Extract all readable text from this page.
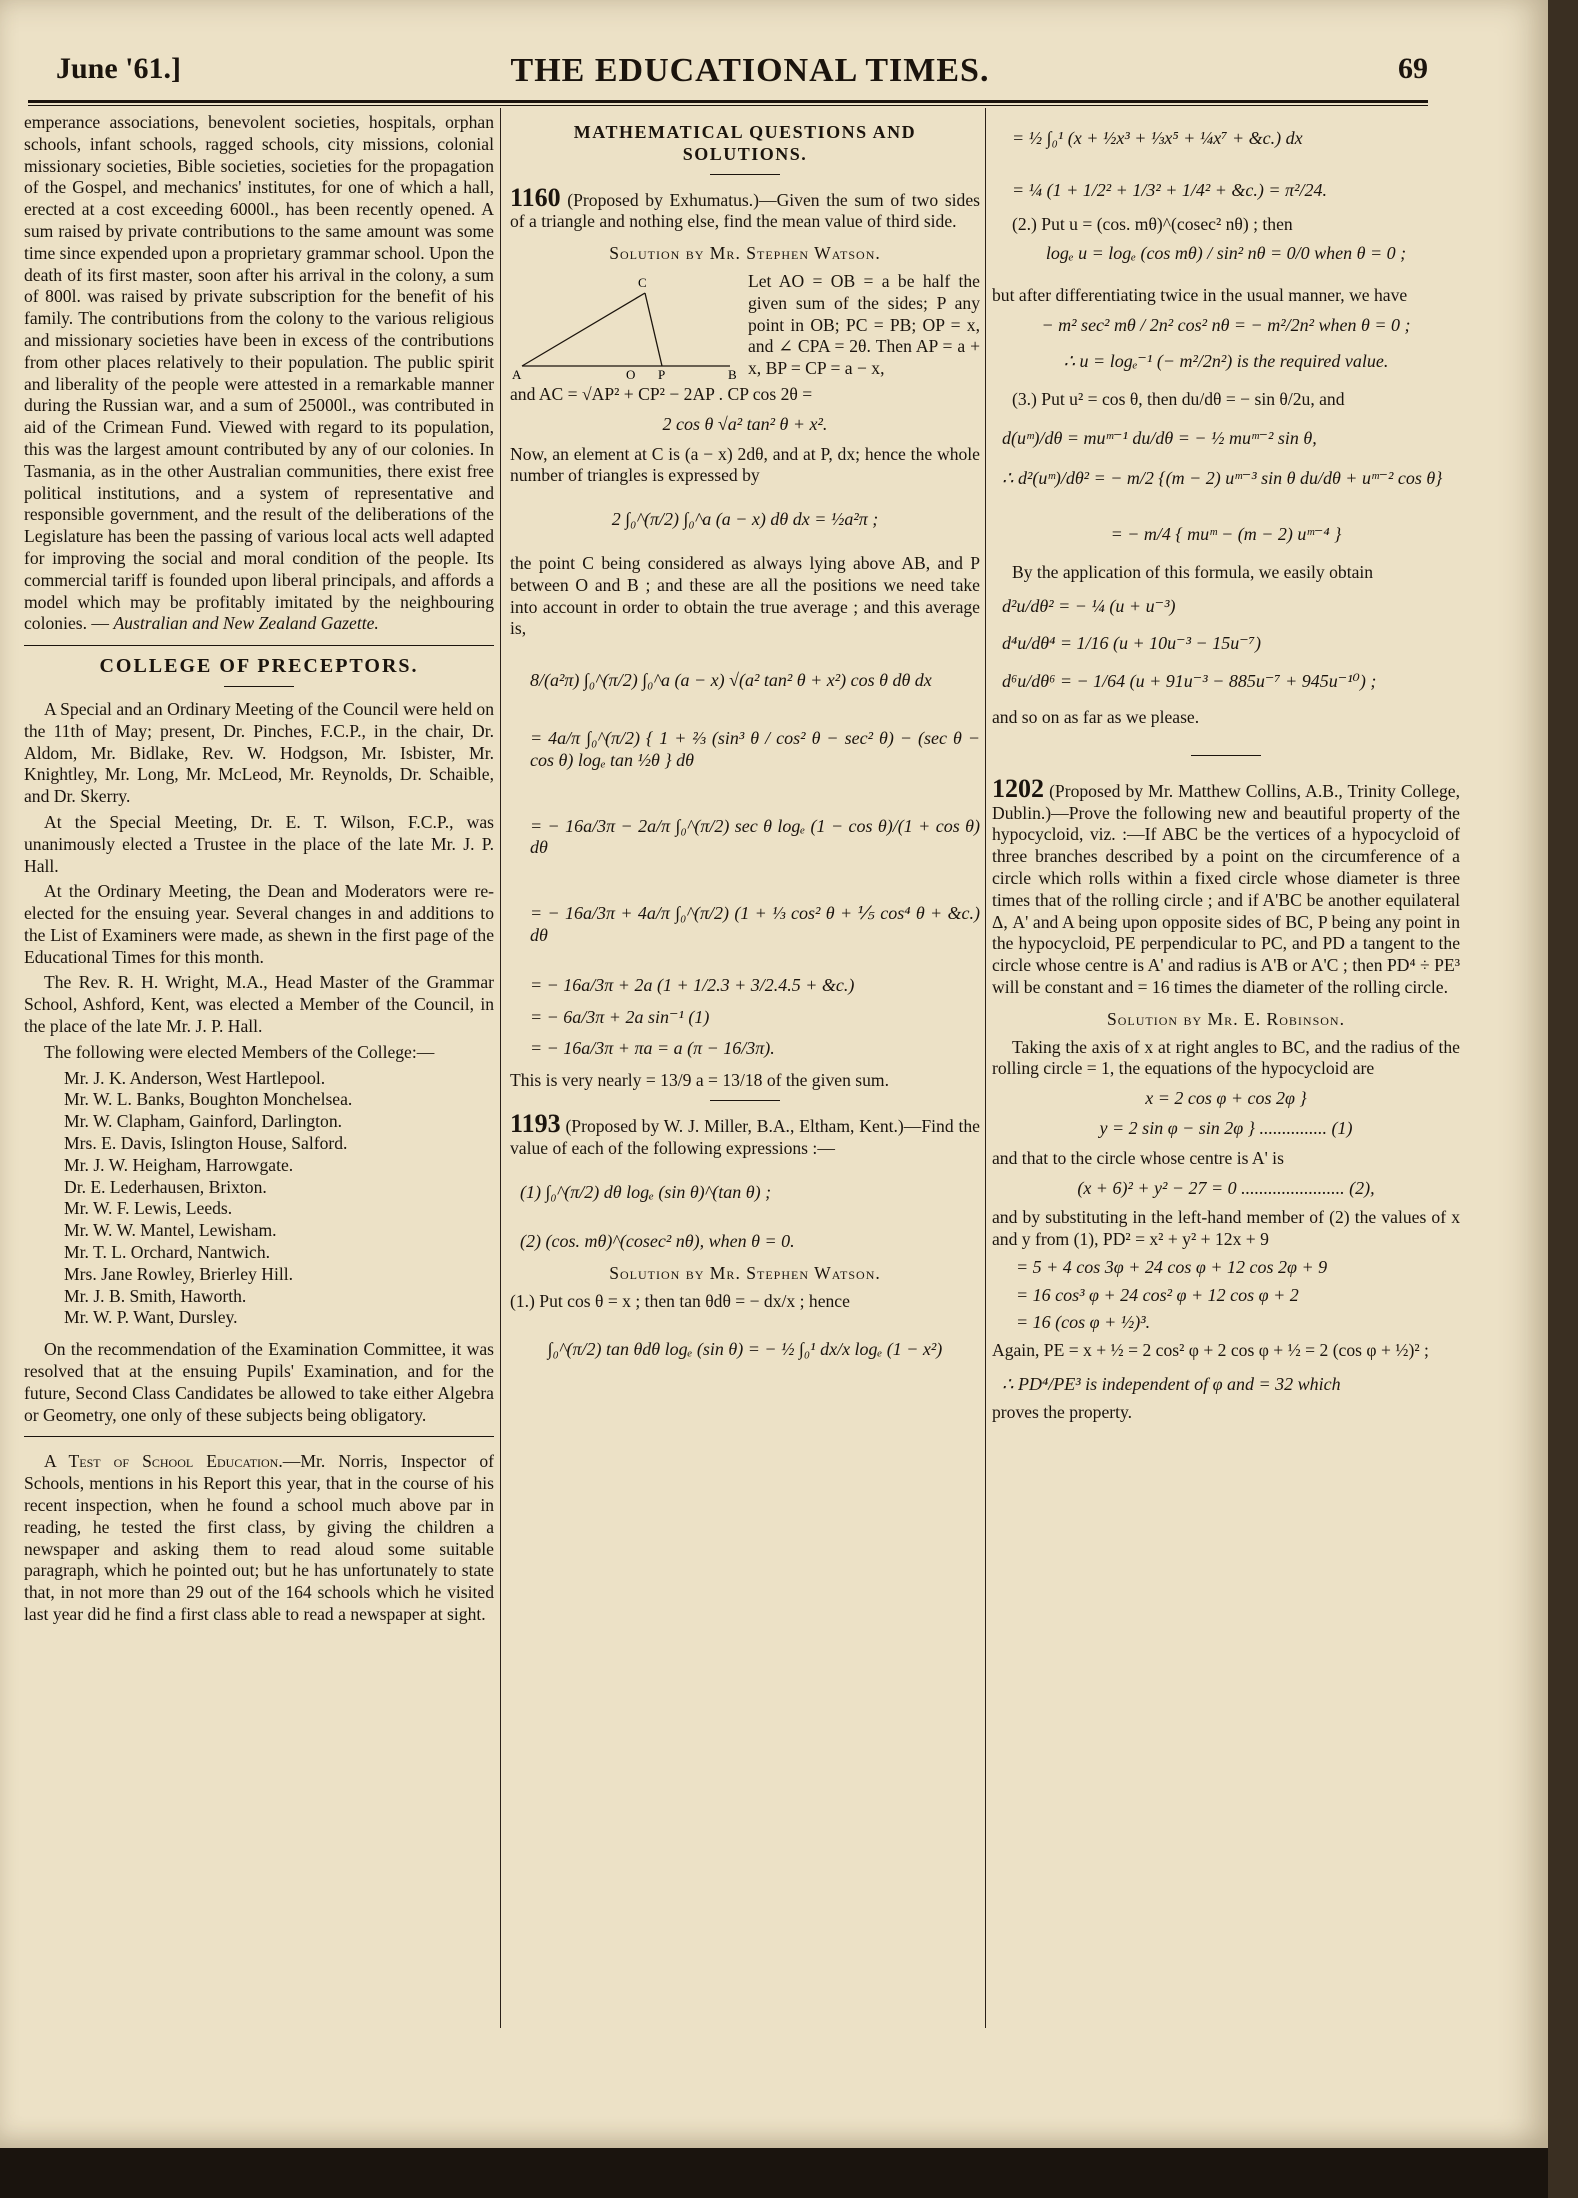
June '61.]	THE EDUCATIONAL TIMES.	69

emperance associations, benevolent societies, hospitals, orphan schools, infant schools, ragged schools, city missions, colonial missionary societies, Bible societies, societies for the propagation of the Gospel, and mechanics' institutes, for one of which a hall, erected at a cost exceeding 6000l., has been recently opened. A sum raised by private contributions to the same amount was some time since expended upon a proprietary grammar school. Upon the death of its first master, soon after his arrival in the colony, a sum of 800l. was raised by private subscription for the benefit of his family. The contributions from the colony to the various religious and missionary societies have been in excess of the contributions from other places relatively to their population. The public spirit and liberality of the people were attested in a remarkable manner during the Russian war, and a sum of 25000l., was contributed in aid of the Crimean Fund. Viewed with regard to its population, this was the largest amount contributed by any of our colonies. In Tasmania, as in the other Australian communities, there exist free political institutions, and a system of representative and responsible government, and the result of the deliberations of the Legislature has been the passing of various local acts well adapted for improving the social and moral condition of the people. Its commercial tariff is founded upon liberal principals, and affords a model which may be profitably imitated by the neighbouring colonies. — Australian and New Zealand Gazette.

COLLEGE OF PRECEPTORS.

A Special and an Ordinary Meeting of the Council were held on the 11th of May; present, Dr. Pinches, F.C.P., in the chair, Dr. Aldom, Mr. Bidlake, Rev. W. Hodgson, Mr. Isbister, Mr. Knightley, Mr. Long, Mr. McLeod, Mr. Reynolds, Dr. Schaible, and Dr. Skerry.

At the Special Meeting, Dr. E. T. Wilson, F.C.P., was unanimously elected a Trustee in the place of the late Mr. J. P. Hall.

At the Ordinary Meeting, the Dean and Moderators were re-elected for the ensuing year. Several changes in and additions to the List of Examiners were made, as shewn in the first page of the Educational Times for this month.

The Rev. R. H. Wright, M.A., Head Master of the Grammar School, Ashford, Kent, was elected a Member of the Council, in the place of the late Mr. J. P. Hall.

The following were elected Members of the College:—

Mr. J. K. Anderson, West Hartlepool.
Mr. W. L. Banks, Boughton Monchelsea.
Mr. W. Clapham, Gainford, Darlington.
Mrs. E. Davis, Islington House, Salford.
Mr. J. W. Heigham, Harrowgate.
Dr. E. Lederhausen, Brixton.
Mr. W. F. Lewis, Leeds.
Mr. W. W. Mantel, Lewisham.
Mr. T. L. Orchard, Nantwich.
Mrs. Jane Rowley, Brierley Hill.
Mr. J. B. Smith, Haworth.
Mr. W. P. Want, Dursley.

On the recommendation of the Examination Committee, it was resolved that at the ensuing Pupils' Examination, and for the future, Second Class Candidates be allowed to take either Algebra or Geometry, one only of these subjects being obligatory.

A Test of School Education.—Mr. Norris, Inspector of Schools, mentions in his Report this year, that in the course of his recent inspection, when he found a school much above par in reading, he tested the first class, by giving the children a newspaper and asking them to read aloud some suitable paragraph, which he pointed out; but he has unfortunately to state that, in not more than 29 out of the 164 schools which he visited last year did he find a first class able to read a newspaper at sight.

MATHEMATICAL QUESTIONS AND SOLUTIONS.

1160 (Proposed by Exhumatus.)—Given the sum of two sides of a triangle and nothing else, find the mean value of third side.

Solution by Mr. Stephen Watson.
C
A	O P	B

Let AO = OB = a be half the given sum of the sides; P any point in OB; PC = PB; OP = x, and ∠ CPA = 2θ. Then AP = a + x, BP = CP = a − x,

and AC = √AP² + CP² − 2AP . CP cos 2θ =

2 cos θ √a² tan² θ + x².

Now, an element at C is (a − x) 2dθ, and at P, dx; hence the whole number of triangles is expressed by

2 ∫₀^(π/2) ∫₀^a (a − x) dθ dx = ½a²π ;

the point C being considered as always lying above AB, and P between O and B ; and these are all the positions we need take into account in order to obtain the true average ; and this average is,

8/(a²π) ∫₀^(π/2) ∫₀^a (a − x) √(a² tan² θ + x²) cos θ dθ dx
= 4a/π ∫₀^(π/2) { 1 + ⅔ (sin³ θ / cos² θ − sec² θ) − (sec θ − cos θ) logₑ tan ½θ } dθ
= − 16a/3π − 2a/π ∫₀^(π/2) sec θ logₑ (1 − cos θ)/(1 + cos θ) dθ
= − 16a/3π + 4a/π ∫₀^(π/2) (1 + ⅓ cos² θ + ⅕ cos⁴ θ + &c.) dθ
= − 16a/3π + 2a (1 + 1/2.3 + 3/2.4.5 + &c.)
= − 6a/3π + 2a sin⁻¹ (1)
= − 16a/3π + πa = a (π − 16/3π).

This is very nearly = 13/9 a = 13/18 of the given sum.

1193 (Proposed by W. J. Miller, B.A., Eltham, Kent.)—Find the value of each of the following expressions :—

(1) ∫₀^(π/2) dθ logₑ (sin θ)^(tan θ) ;
(2) (cos. mθ)^(cosec² nθ), when θ = 0.
Solution by Mr. Stephen Watson.

(1.) Put cos θ = x ; then tan θdθ = − dx/x ; hence

∫₀^(π/2) tan θdθ logₑ (sin θ) = − ½ ∫₀¹ dx/x logₑ (1 − x²)
= ½ ∫₀¹ (x + ½x³ + ⅓x⁵ + ¼x⁷ + &c.) dx
= ¼ (1 + 1/2² + 1/3² + 1/4² + &c.) = π²/24.

(2.) Put u = (cos. mθ)^(cosec² nθ) ; then

logₑ u = logₑ (cos mθ) / sin² nθ = 0/0 when θ = 0 ;

but after differentiating twice in the usual manner, we have

− m² sec² mθ / 2n² cos² nθ = − m²/2n² when θ = 0 ;
∴ u = logₑ⁻¹ (− m²/2n²) is the required value.

(3.) Put u² = cos θ, then du/dθ = − sin θ/2u, and

d(uᵐ)/dθ = muᵐ⁻¹ du/dθ = − ½ muᵐ⁻² sin θ,
∴ d²(uᵐ)/dθ² = − m/2 {(m − 2) uᵐ⁻³ sin θ du/dθ + uᵐ⁻² cos θ}
= − m/4 { muᵐ − (m − 2) uᵐ⁻⁴ }

By the application of this formula, we easily obtain

d²u/dθ² = − ¼ (u + u⁻³)
d⁴u/dθ⁴ = 1/16 (u + 10u⁻³ − 15u⁻⁷)
d⁶u/dθ⁶ = − 1/64 (u + 91u⁻³ − 885u⁻⁷ + 945u⁻¹⁰) ;

and so on as far as we please.

1202 (Proposed by Mr. Matthew Collins, A.B., Trinity College, Dublin.)—Prove the following new and beautiful property of the hypocycloid, viz. :—If ABC be the vertices of a hypocycloid of three branches described by a point on the circumference of a circle which rolls within a fixed circle whose diameter is three times that of the rolling circle ; and if A'BC be another equilateral Δ, A' and A being upon opposite sides of BC, P being any point in the hypocycloid, PE perpendicular to PC, and PD a tangent to the circle whose centre is A' and radius is A'B or A'C ; then PD⁴ ÷ PE³ will be constant and = 16 times the diameter of the rolling circle.

Solution by Mr. E. Robinson.

Taking the axis of x at right angles to BC, and the radius of the rolling circle = 1, the equations of the hypocycloid are

x = 2 cos φ + cos 2φ }
y = 2 sin φ − sin 2φ } ............... (1)

and that to the circle whose centre is A' is

(x + 6)² + y² − 27 = 0 ....................... (2),

and by substituting in the left-hand member of (2) the values of x and y from (1), PD² = x² + y² + 12x + 9

= 5 + 4 cos 3φ + 24 cos φ + 12 cos 2φ + 9
= 16 cos³ φ + 24 cos² φ + 12 cos φ + 2
= 16 (cos φ + ½)³.

Again, PE = x + ½ = 2 cos² φ + 2 cos φ + ½ = 2 (cos φ + ½)² ;

∴ PD⁴/PE³ is independent of φ and = 32 which

proves the property.
